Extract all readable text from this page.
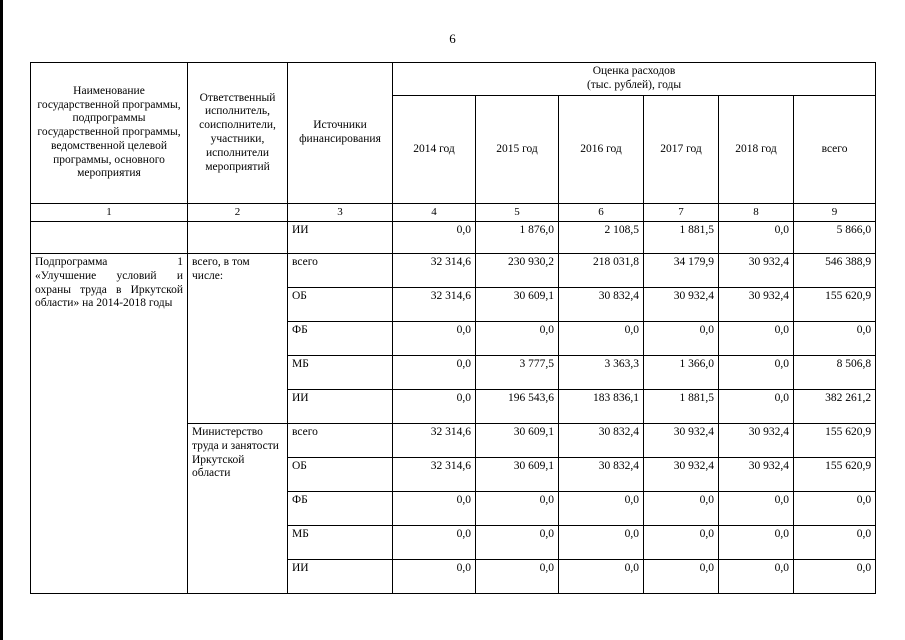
6
Наименование государственной программы, подпрограммы государственной программы, ведомственной целевой программы, основного мероприятия	Ответственный исполнитель, соисполнители, участники, исполнители мероприятий	Источники финансирования	Оценка расходов
(тыс. рублей), годы					

			2014 год	2015 год	2016 год	2017 год	2018 год	всего
1	2	3	4	5	6	7	8	9
		ИИ	0,0	1 876,0	2 108,5	1 881,5	0,0	5 866,0

1
Подпрограмма
«Улучшение условий и охраны труда в Иркутской области» на 2014-2018 годы	всего, в том числе:	всего	32 314,6	230 930,2	218 031,8	34 179,9	30 932,4	546 388,9
		ОБ	32 314,6	30 609,1	30 832,4	30 932,4	30 932,4	155 620,9
		ФБ	0,0	0,0	0,0	0,0	0,0	0,0
		МБ	0,0	3 777,5	3 363,3	1 366,0	0,0	8 506,8
		ИИ	0,0	196 543,6	183 836,1	1 881,5	0,0	382 261,2
	Министерство труда и занятости Иркутской области	всего	32 314,6	30 609,1	30 832,4	30 932,4	30 932,4	155 620,9
		ОБ	32 314,6	30 609,1	30 832,4	30 932,4	30 932,4	155 620,9
		ФБ	0,0	0,0	0,0	0,0	0,0	0,0
		МБ	0,0	0,0	0,0	0,0	0,0	0,0
		ИИ	0,0	0,0	0,0	0,0	0,0	0,0
